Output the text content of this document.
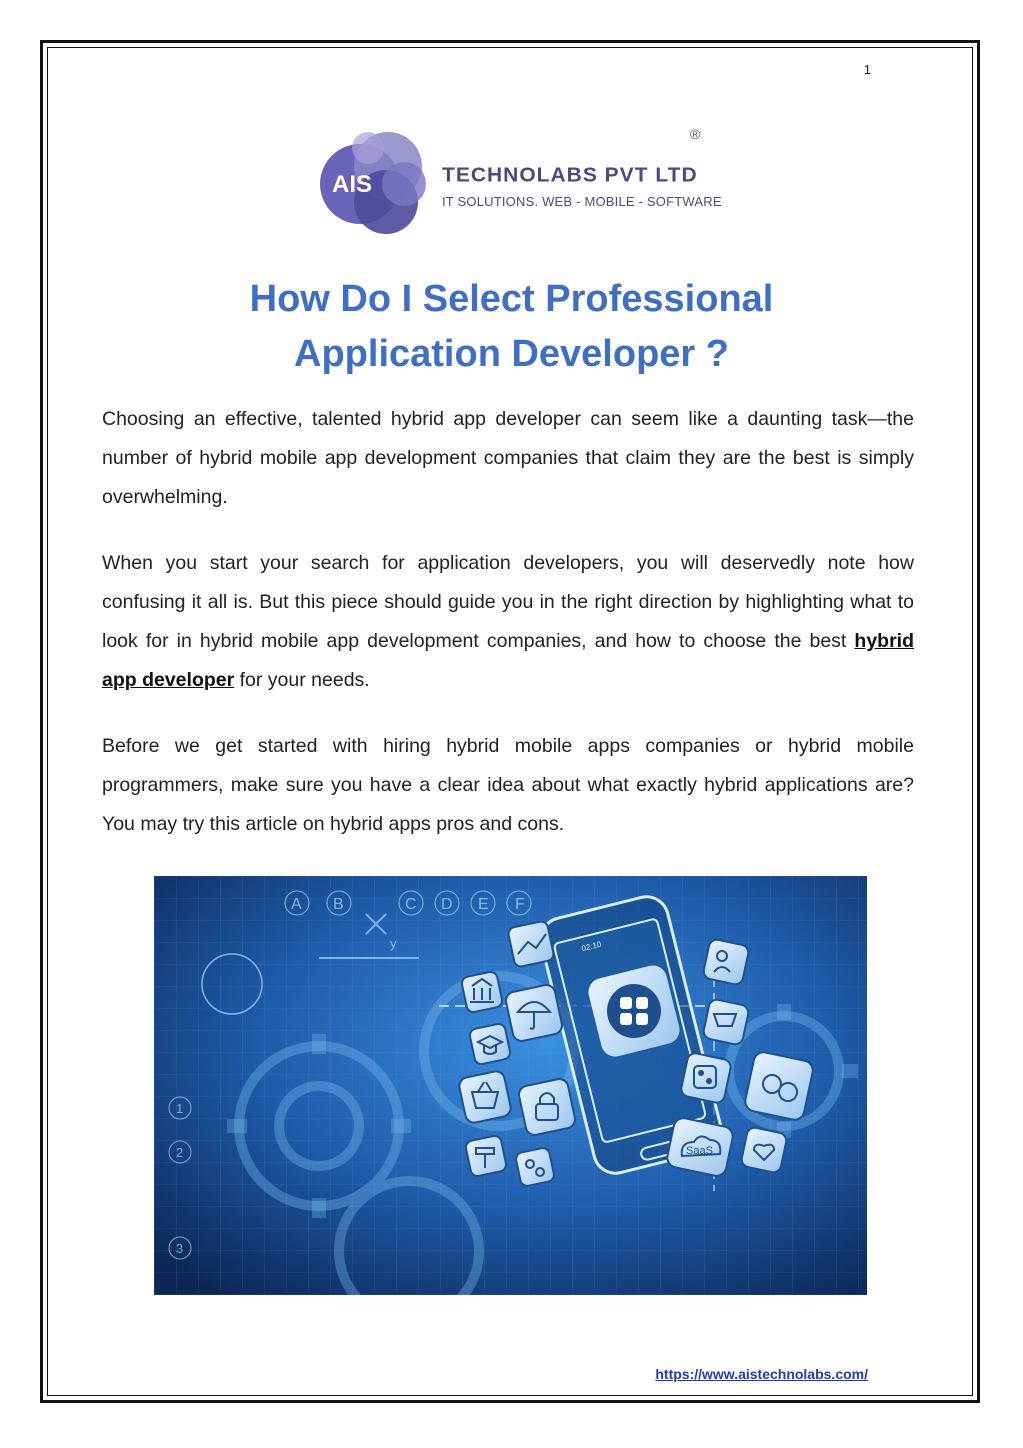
1
AIS	TECHNOLABS PVT LTD
IT SOLUTIONS. WEB - MOBILE - SOFTWARE
®
How Do I Select Professional
Application Developer ?

Choosing an effective, talented hybrid app developer can seem like a daunting task—the number of hybrid mobile app development companies that claim they are the best is simply overwhelming.

When you start your search for application developers, you will deservedly note how confusing it all is. But this piece should guide you in the right direction by highlighting what to look for in hybrid mobile app development companies, and how to choose the best hybrid app developer for your needs.

Before we get started with hiring hybrid mobile apps companies or hybrid mobile programmers, make sure you have a clear idea about what exactly hybrid applications are? You may try this article on hybrid apps pros and cons.

A B	C D E F
y
1
2
3
02:10
SaaS
https://www.aistechnolabs.com/
